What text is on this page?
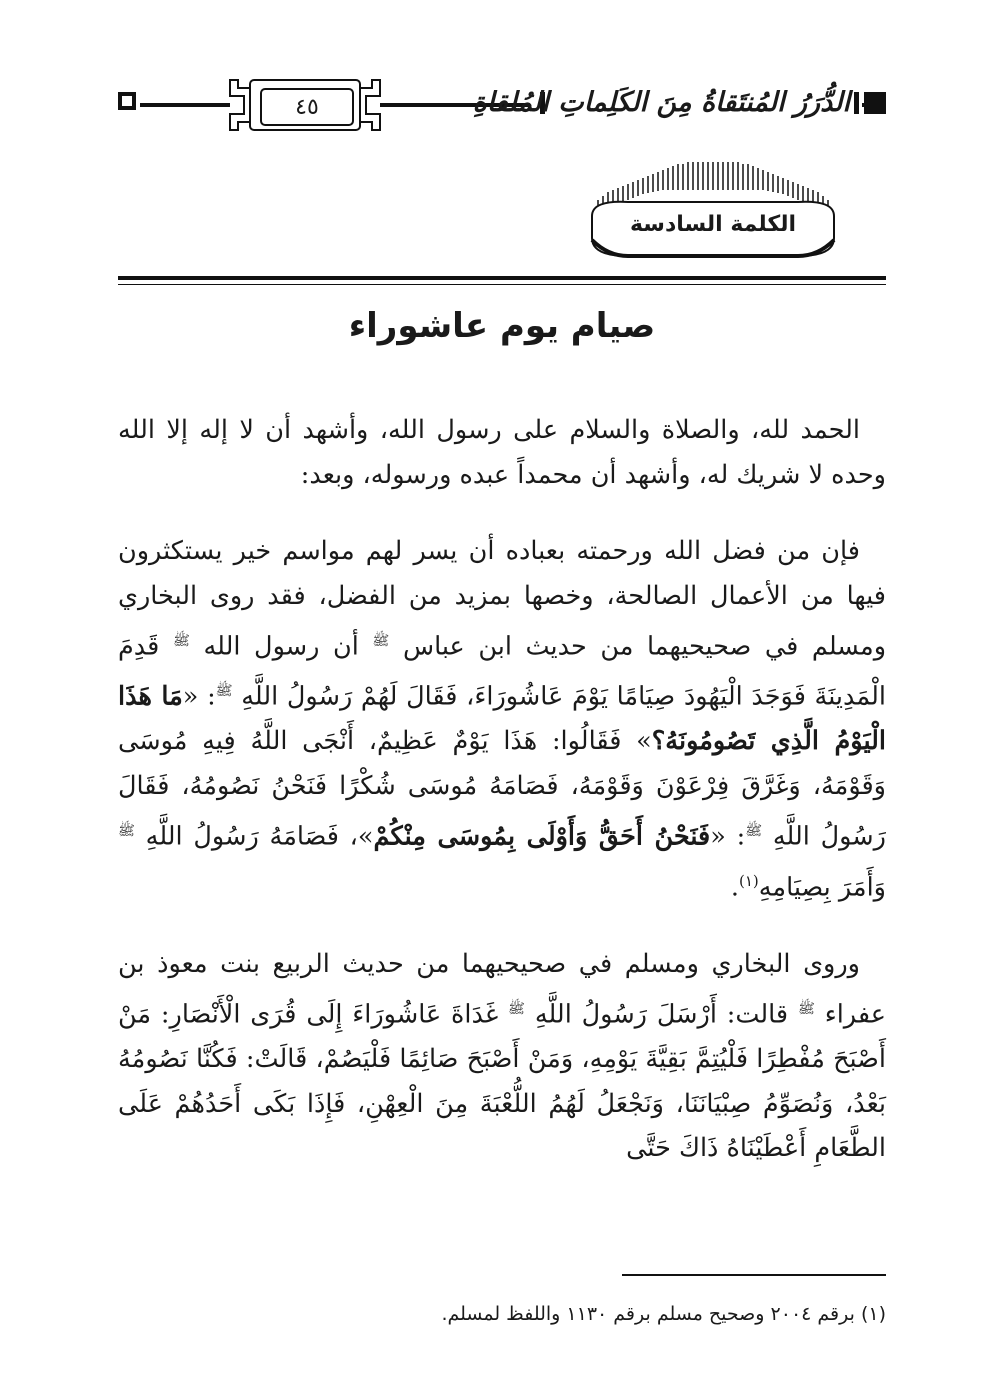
٤٥	الدُّرَرُ المُنتَقاةُ مِنَ الكَلِماتِ المُلقاةِ
الكلمة السادسة
صيام يوم عاشوراء

الحمد لله، والصلاة والسلام على رسول الله، وأشهد أن لا إله إلا الله وحده لا شريك له، وأشهد أن محمداً عبده ورسوله، وبعد:

فإن من فضل الله ورحمته بعباده أن يسر لهم مواسم خير يستكثرون فيها من الأعمال الصالحة، وخصها بمزيد من الفضل، فقد روى البخاري ومسلم في صحيحيهما من حديث ابن عباس $^ﷺ$ أن رسول الله $^ﷺ$ قَدِمَ الْمَدِينَةَ فَوَجَدَ الْيَهُودَ صِيَامًا يَوْمَ عَاشُورَاءَ، فَقَالَ لَهُمْ رَسُولُ اللَّهِ $^ﷺ$: «مَا هَذَا الْيَوْمُ الَّذِي تَصُومُونَهُ؟» فَقَالُوا: هَذَا يَوْمٌ عَظِيمٌ، أَنْجَى اللَّهُ فِيهِ مُوسَى وَقَوْمَهُ، وَغَرَّقَ فِرْعَوْنَ وَقَوْمَهُ، فَصَامَهُ مُوسَى شُكْرًا فَنَحْنُ نَصُومُهُ، فَقَالَ رَسُولُ اللَّهِ $^ﷺ$: «فَنَحْنُ أَحَقُّ وَأَوْلَى بِمُوسَى مِنْكُمْ»، فَصَامَهُ رَسُولُ اللَّهِ $^ﷺ$ وَأَمَرَ بِصِيَامِهِ$^{(١)}$.

وروى البخاري ومسلم في صحيحيهما من حديث الربيع بنت معوذ بن عفراء $^ﷺ$ قالت: أَرْسَلَ رَسُولُ اللَّهِ $^ﷺ$ غَدَاةَ عَاشُورَاءَ إِلَى قُرَى الْأَنْصَارِ: مَنْ أَصْبَحَ مُفْطِرًا فَلْيُتِمَّ بَقِيَّةَ يَوْمِهِ، وَمَنْ أَصْبَحَ صَائِمًا فَلْيَصُمْ، قَالَتْ: فَكُنَّا نَصُومُهُ بَعْدُ، وَنُصَوِّمُ صِبْيَانَنَا، وَنَجْعَلُ لَهُمُ اللُّعْبَةَ مِنَ الْعِهْنِ، فَإِذَا بَكَى أَحَدُهُمْ عَلَى الطَّعَامِ أَعْطَيْنَاهُ ذَاكَ حَتَّى

(١) برقم ٢٠٠٤ وصحيح مسلم برقم ١١٣٠ واللفظ لمسلم.
